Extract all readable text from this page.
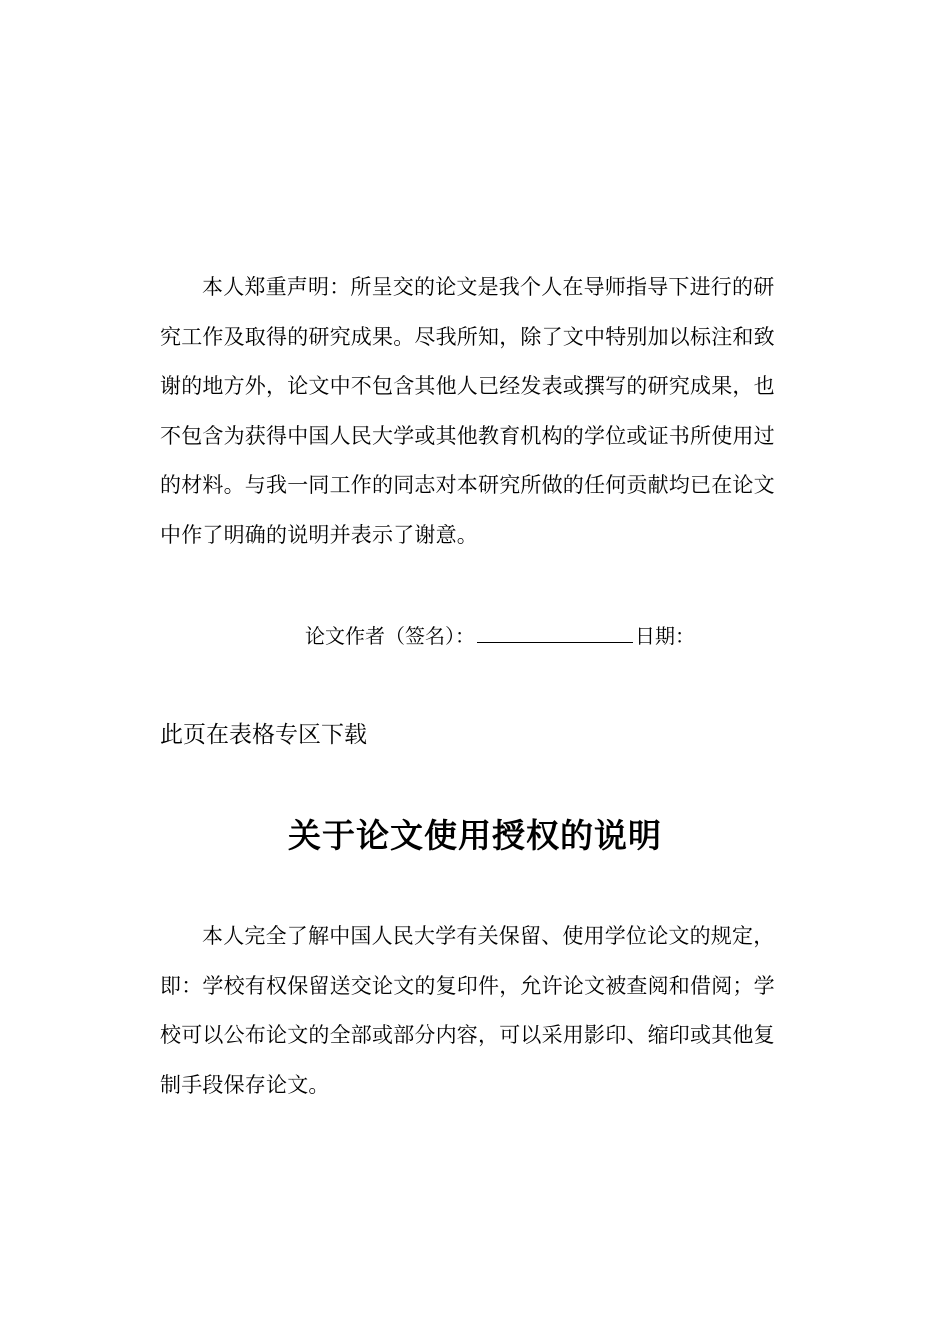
本人郑重声明：所呈交的论文是我个人在导师指导下进行的研
究工作及取得的研究成果。尽我所知，除了文中特别加以标注和致
谢的地方外，论文中不包含其他人已经发表或撰写的研究成果，也
不包含为获得中国人民大学或其他教育机构的学位或证书所使用过
的材料。与我一同工作的同志对本研究所做的任何贡献均已在论文
中作了明确的说明并表示了谢意。
论文作者（签名）：	日期：
此页在表格专区下载
关于论文使用授权的说明
本人完全了解中国人民大学有关保留、使用学位论文的规定，
即：学校有权保留送交论文的复印件，允许论文被查阅和借阅；学
校可以公布论文的全部或部分内容，可以采用影印、缩印或其他复
制手段保存论文。
